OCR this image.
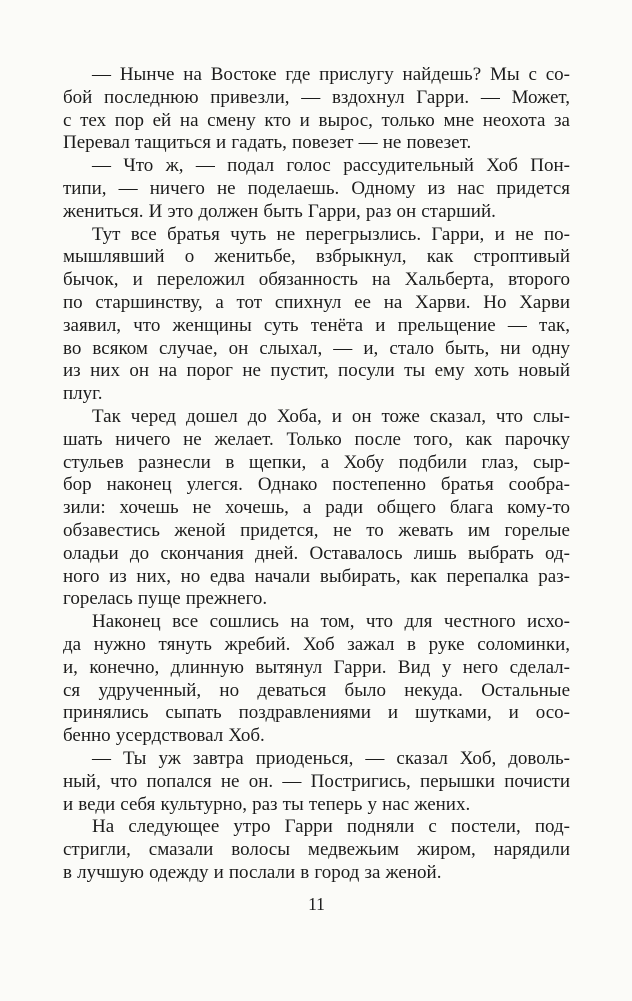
— Нынче на Востоке где прислугу найдешь? Мы с со-
бой последнюю привезли, — вздохнул Гарри. — Может,
с тех пор ей на смену кто и вырос, только мне неохота за
Перевал тащиться и гадать, повезет — не повезет.
— Что ж, — подал голос рассудительный Хоб Пон-
типи, — ничего не поделаешь. Одному из нас придется
жениться. И это должен быть Гарри, раз он старший.
Тут все братья чуть не перегрызлись. Гарри, и не по-
мышлявший о женитьбе, взбрыкнул, как строптивый
бычок, и переложил обязанность на Хальберта, второго
по старшинству, а тот спихнул ее на Харви. Но Харви
заявил, что женщины суть тенёта и прельщение — так,
во всяком случае, он слыхал, — и, стало быть, ни одну
из них он на порог не пустит, посули ты ему хоть новый
плуг.
Так черед дошел до Хоба, и он тоже сказал, что слы-
шать ничего не желает. Только после того, как парочку
стульев разнесли в щепки, а Хобу подбили глаз, сыр-
бор наконец улегся. Однако постепенно братья сообра-
зили: хочешь не хочешь, а ради общего блага кому-то
обзавестись женой придется, не то жевать им горелые
оладьи до скончания дней. Оставалось лишь выбрать од-
ного из них, но едва начали выбирать, как перепалка раз-
горелась пуще прежнего.
Наконец все сошлись на том, что для честного исхо-
да нужно тянуть жребий. Хоб зажал в руке соломинки,
и, конечно, длинную вытянул Гарри. Вид у него сделал-
ся удрученный, но деваться было некуда. Остальные
принялись сыпать поздравлениями и шутками, и осо-
бенно усердствовал Хоб.
— Ты уж завтра приоденься, — сказал Хоб, доволь-
ный, что попался не он. — Постригись, перышки почисти
и веди себя культурно, раз ты теперь у нас жених.
На следующее утро Гарри подняли с постели, под-
стригли, смазали волосы медвежьим жиром, нарядили
в лучшую одежду и послали в город за женой.
11
